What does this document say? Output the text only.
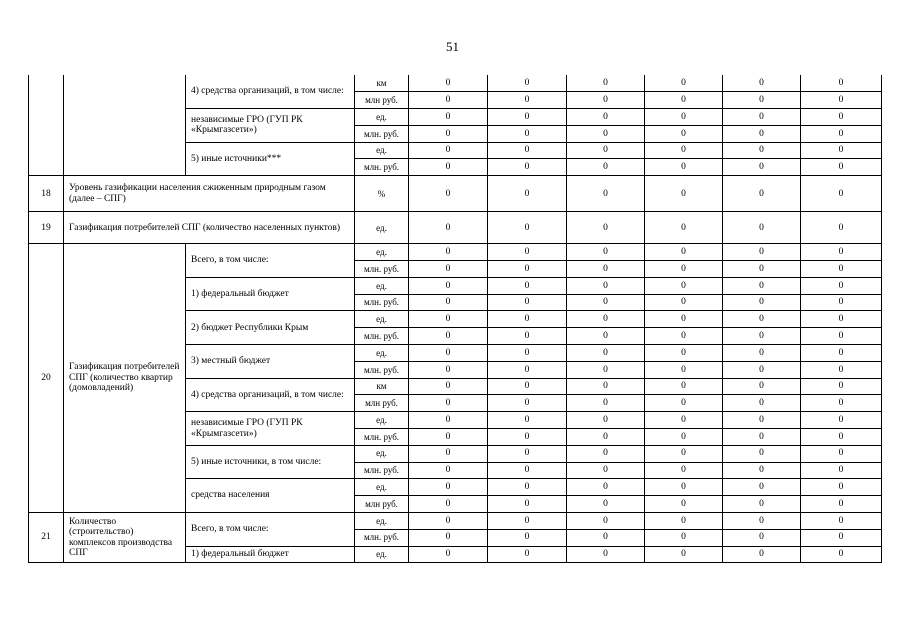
51
		4) средства организаций, в том числе:	км	0	0	0	0	0	0
			млн руб.	0	0	0	0	0	0
		независимые ГРО (ГУП РК «Крымгазсети»)	ед.	0	0	0	0	0	0
			млн. руб.	0	0	0	0	0	0
		5) иные источники***	ед.	0	0	0	0	0	0
			млн. руб.	0	0	0	0	0	0
18	Уровень газификации населения сжиженным природным газом (далее – СПГ)		%	0	0	0	0	0	0
19	Газификация потребителей СПГ (количество населенных пунктов)		ед.	0	0	0	0	0	0
20	Газификация потребителей СПГ (количество квартир (домовладений)	Всего, в том числе:	ед.	0	0	0	0	0	0
			млн. руб.	0	0	0	0	0	0
		1) федеральный бюджет	ед.	0	0	0	0	0	0
			млн. руб.	0	0	0	0	0	0
		2) бюджет Республики Крым	ед.	0	0	0	0	0	0
			млн. руб.	0	0	0	0	0	0
		3) местный бюджет	ед.	0	0	0	0	0	0
			млн. руб.	0	0	0	0	0	0
		4) средства организаций, в том числе:	км	0	0	0	0	0	0
			млн руб.	0	0	0	0	0	0
		независимые ГРО (ГУП РК «Крымгазсети»)	ед.	0	0	0	0	0	0
			млн. руб.	0	0	0	0	0	0
		5) иные источники, в том числе:	ед.	0	0	0	0	0	0
			млн. руб.	0	0	0	0	0	0
		средства населения	ед.	0	0	0	0	0	0
			млн руб.	0	0	0	0	0	0
21	Количество (строительство) комплексов производства СПГ	Всего, в том числе:	ед.	0	0	0	0	0	0
			млн. руб.	0	0	0	0	0	0
		1) федеральный бюджет	ед.	0	0	0	0	0	0
